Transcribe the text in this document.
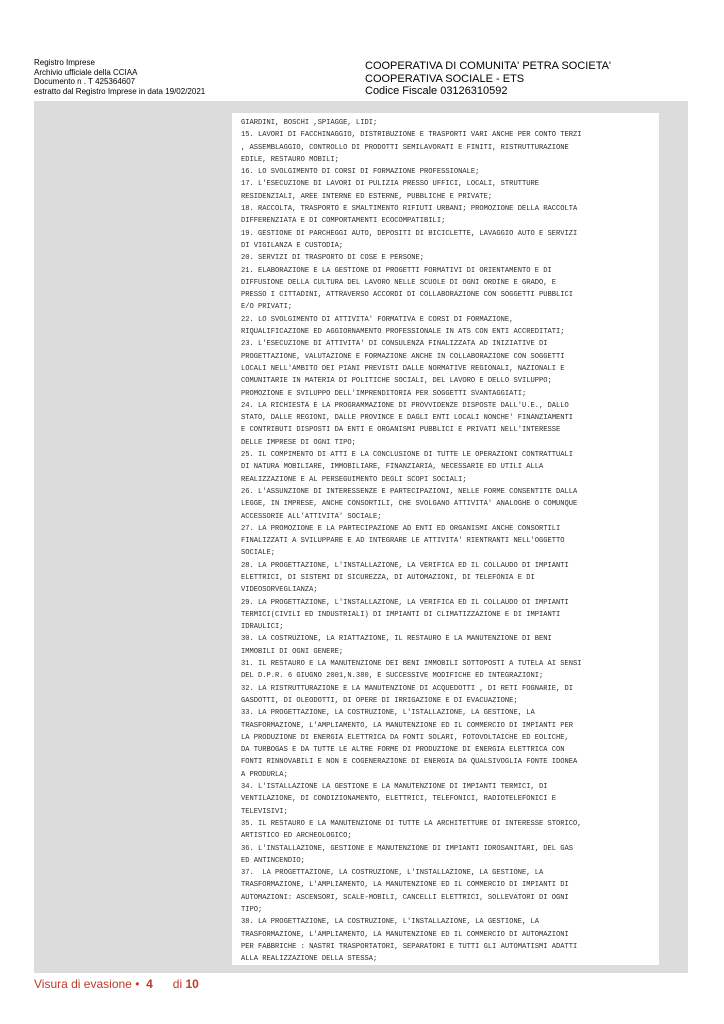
Registro Imprese
Archivio ufficiale della CCIAA
Documento n . T 425364607
estratto dal Registro Imprese in data 19/02/2021
COOPERATIVA DI COMUNITA' PETRA SOCIETA'
COOPERATIVA SOCIALE - ETS
Codice Fiscale 03126310592
GIARDINI, BOSCHI ,SPIAGGE, LIDI;
15. LAVORI DI FACCHINAGGIO, DISTRIBUZIONE E TRASPORTI VARI ANCHE PER CONTO TERZI
, ASSEMBLAGGIO, CONTROLLO DI PRODOTTI SEMILAVORATI E FINITI, RISTRUTTURAZIONE
EDILE, RESTAURO MOBILI;
16. LO SVOLGIMENTO DI CORSI DI FORMAZIONE PROFESSIONALE;
17. L'ESECUZIONE DI LAVORI DI PULIZIA PRESSO UFFICI, LOCALI, STRUTTURE
RESIDENZIALI, AREE INTERNE ED ESTERNE, PUBBLICHE E PRIVATE;
18. RACCOLTA, TRASPORTO E SMALTIMENTO RIFIUTI URBANI; PROMOZIONE DELLA RACCOLTA
DIFFERENZIATA E DI COMPORTAMENTI ECOCOMPATIBILI;
19. GESTIONE DI PARCHEGGI AUTO, DEPOSITI DI BICICLETTE, LAVAGGIO AUTO E SERVIZI
DI VIGILANZA E CUSTODIA;
20. SERVIZI DI TRASPORTO DI COSE E PERSONE;
21. ELABORAZIONE E LA GESTIONE DI PROGETTI FORMATIVI DI ORIENTAMENTO E DI
DIFFUSIONE DELLA CULTURA DEL LAVORO NELLE SCUOLE DI OGNI ORDINE E GRADO, E
PRESSO I CITTADINI, ATTRAVERSO ACCORDI DI COLLABORAZIONE CON SOGGETTI PUBBLICI
E/O PRIVATI;
22. LO SVOLGIMENTO DI ATTIVITA' FORMATIVA E CORSI DI FORMAZIONE,
RIQUALIFICAZIONE ED AGGIORNAMENTO PROFESSIONALE IN ATS CON ENTI ACCREDITATI;
23. L'ESECUZIONE DI ATTIVITA' DI CONSULENZA FINALIZZATA AD INIZIATIVE DI
PROGETTAZIONE, VALUTAZIONE E FORMAZIONE ANCHE IN COLLABORAZIONE CON SOGGETTI
LOCALI NELL'AMBITO DEI PIANI PREVISTI DALLE NORMATIVE REGIONALI, NAZIONALI E
COMUNITARIE IN MATERIA DI POLITICHE SOCIALI, DEL LAVORO E DELLO SVILUPPO;
PROMOZIONE E SVILUPPO DELL'IMPRENDITORIA PER SOGGETTI SVANTAGGIATI;
24. LA RICHIESTA E LA PROGRAMMAZIONE DI PROVVIDENZE DISPOSTE DALL'U.E., DALLO
STATO, DALLE REGIONI, DALLE PROVINCE E DAGLI ENTI LOCALI NONCHE' FINANZIAMENTI
E CONTRIBUTI DISPOSTI DA ENTI E ORGANISMI PUBBLICI E PRIVATI NELL'INTERESSE
DELLE IMPRESE DI OGNI TIPO;
25. IL COMPIMENTO DI ATTI E LA CONCLUSIONE DI TUTTE LE OPERAZIONI CONTRATTUALI
DI NATURA MOBILIARE, IMMOBILIARE, FINANZIARIA, NECESSARIE ED UTILI ALLA
REALIZZAZIONE E AL PERSEGUIMENTO DEGLI SCOPI SOCIALI;
26. L'ASSUNZIONE DI INTERESSENZE E PARTECIPAZIONI, NELLE FORME CONSENTITE DALLA
LEGGE, IN IMPRESE, ANCHE CONSORTILI, CHE SVOLGANO ATTIVITA' ANALOGHE O COMUNQUE
ACCESSORIE ALL'ATTIVITA' SOCIALE;
27. LA PROMOZIONE E LA PARTECIPAZIONE AD ENTI ED ORGANISMI ANCHE CONSORTILI
FINALIZZATI A SVILUPPARE E AD INTEGRARE LE ATTIVITA' RIENTRANTI NELL'OGGETTO
SOCIALE;
28. LA PROGETTAZIONE, L'INSTALLAZIONE, LA VERIFICA ED IL COLLAUDO DI IMPIANTI
ELETTRICI, DI SISTEMI DI SICUREZZA, DI AUTOMAZIONI, DI TELEFONIA E DI
VIDEOSORVEGLIANZA;
29. LA PROGETTAZIONE, L'INSTALLAZIONE, LA VERIFICA ED IL COLLAUDO DI IMPIANTI
TERMICI(CIVILI ED INDUSTRIALI) DI IMPIANTI DI CLIMATIZZAZIONE E DI IMPIANTI
IDRAULICI;
30. LA COSTRUZIONE, LA RIATTAZIONE, IL RESTAURO E LA MANUTENZIONE DI BENI
IMMOBILI DI OGNI GENERE;
31. IL RESTAURO E LA MANUTENZIONE DEI BENI IMMOBILI SOTTOPOSTI A TUTELA AI SENSI
DEL D.P.R. 6 GIUGNO 2001,N.380, E SUCCESSIVE MODIFICHE ED INTEGRAZIONI;
32. LA RISTRUTTURAZIONE E LA MANUTENZIONE DI ACQUEDOTTI , DI RETI FOGNARIE, DI
GASDOTTI, DI OLEODOTTI, DI OPERE DI IRRIGAZIONE E DI EVACUAZIONE;
33. LA PROGETTAZIONE, LA COSTRUZIONE, L'ISTALLAZIONE, LA GESTIONE, LA
TRASFORMAZIONE, L'AMPLIAMENTO, LA MANUTENZIONE ED IL COMMERCIO DI IMPIANTI PER
LA PRODUZIONE DI ENERGIA ELETTRICA DA FONTI SOLARI, FOTOVOLTAICHE ED EOLICHE,
DA TURBOGAS E DA TUTTE LE ALTRE FORME DI PRODUZIONE DI ENERGIA ELETTRICA CON
FONTI RINNOVABILI E NON E COGENERAZIONE DI ENERGIA DA QUALSIVOGLIA FONTE IDONEA
A PRODURLA;
34. L'ISTALLAZIONE LA GESTIONE E LA MANUTENZIONE DI IMPIANTI TERMICI, DI
VENTILAZIONE, DI CONDIZIONAMENTO, ELETTRICI, TELEFONICI, RADIOTELEFONICI E
TELEVISIVI;
35. IL RESTAURO E LA MANUTENZIONE DI TUTTE LA ARCHITETTURE DI INTERESSE STORICO,
ARTISTICO ED ARCHEOLOGICO;
36. L'INSTALLAZIONE, GESTIONE E MANUTENZIONE DI IMPIANTI IDROSANITARI, DEL GAS
ED ANTINCENDIO;
37.  LA PROGETTAZIONE, LA COSTRUZIONE, L'INSTALLAZIONE, LA GESTIONE, LA
TRASFORMAZIONE, L'AMPLIAMENTO, LA MANUTENZIONE ED IL COMMERCIO DI IMPIANTI DI
AUTOMAZIONI: ASCENSORI, SCALE-MOBILI, CANCELLI ELETTRICI, SOLLEVATORI DI OGNI
TIPO;
38. LA PROGETTAZIONE, LA COSTRUZIONE, L'INSTALLAZIONE, LA GESTIONE, LA
TRASFORMAZIONE, L'AMPLIAMENTO, LA MANUTENZIONE ED IL COMMERCIO DI AUTOMAZIONI
PER FABBRICHE : NASTRI TRASPORTATORI, SEPARATORI E TUTTI GLI AUTOMATISMI ADATTI
ALLA REALIZZAZIONE DELLA STESSA;
Visura di evasione • 4 di 10
